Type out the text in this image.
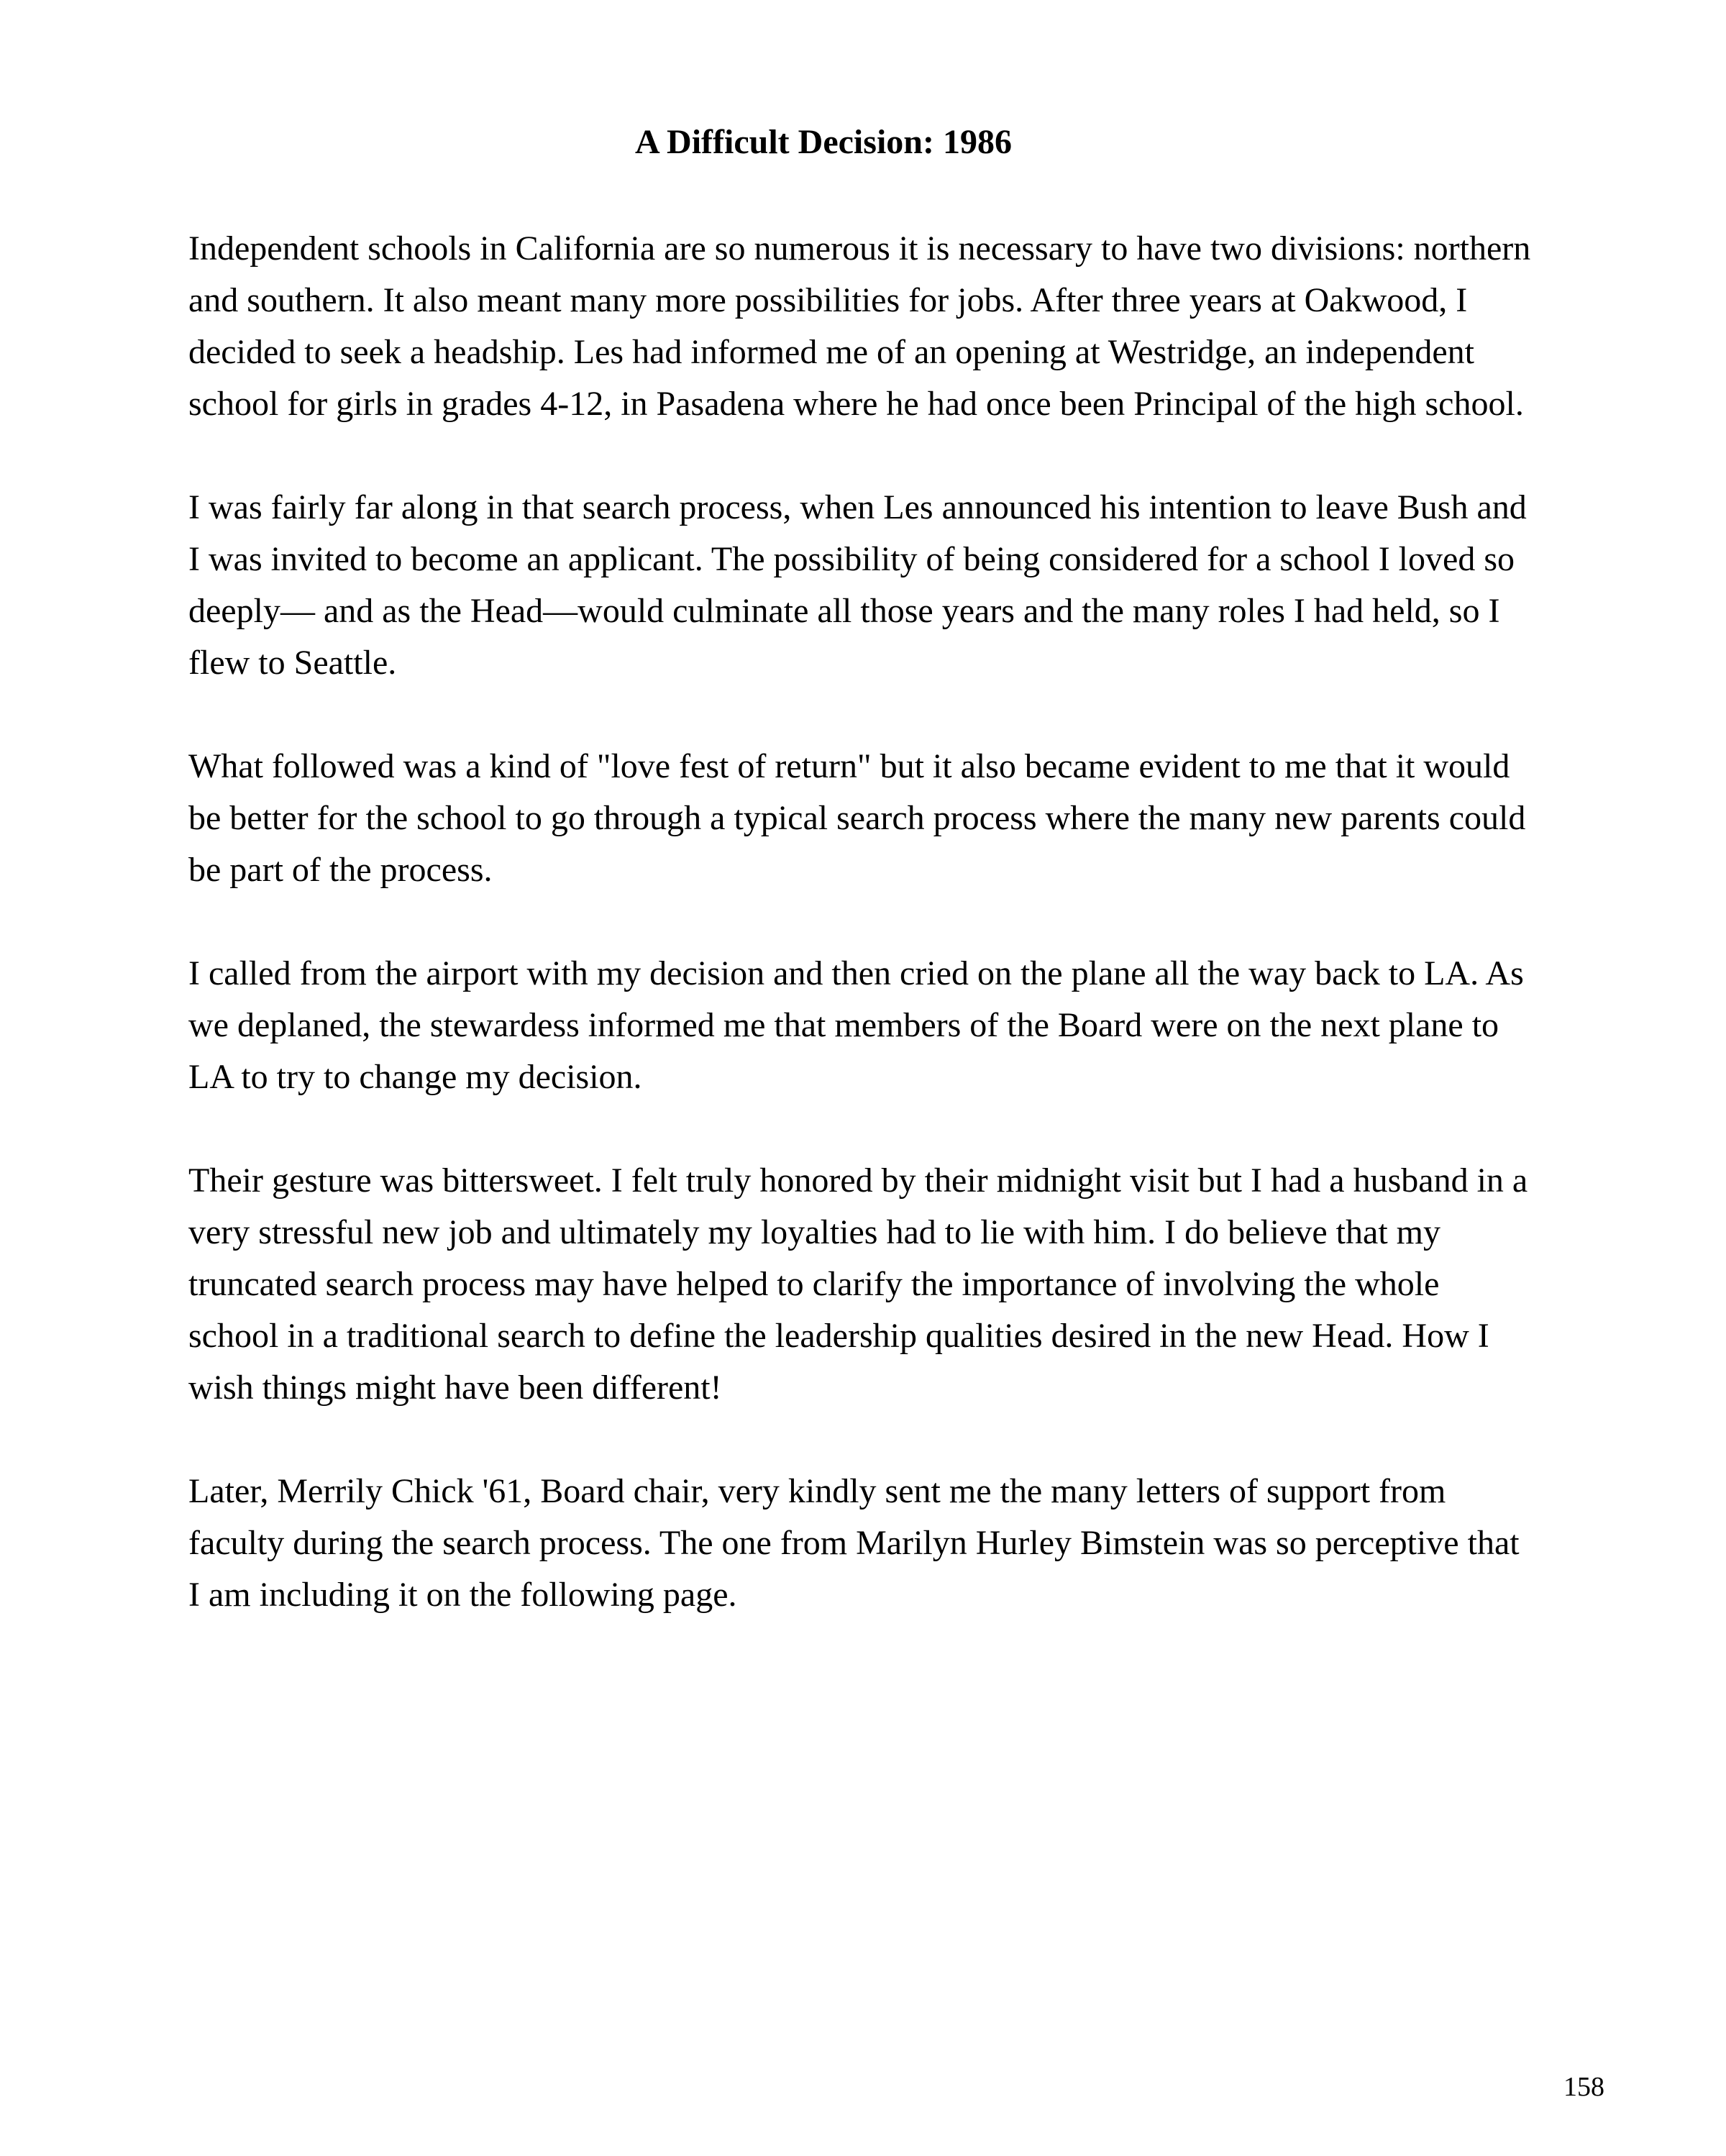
A Difficult Decision: 1986

Independent schools in California are so numerous it is necessary to have two divisions: northern
and southern. It also meant many more possibilities for jobs. After three years at Oakwood, I
decided to seek a headship. Les had informed me of an opening at Westridge, an independent
school for girls in grades 4-12, in Pasadena where he had once been Principal of the high school.

I was fairly far along in that search process, when Les announced his intention to leave Bush and
I was invited to become an applicant. The possibility of being considered for a school I loved so
deeply— and as the Head—would culminate all those years and the many roles I had held, so I
flew to Seattle.

What followed was a kind of "love fest of return" but it also became evident to me that it would
be better for the school to go through a typical search process where the many new parents could
be part of the process.

I called from the airport with my decision and then cried on the plane all the way back to LA. As
we deplaned, the stewardess informed me that members of the Board were on the next plane to
LA to try to change my decision.

Their gesture was bittersweet. I felt truly honored by their midnight visit but I had a husband in a
very stressful new job and ultimately my loyalties had to lie with him. I do believe that my
truncated search process may have helped to clarify the importance of involving the whole
school in a traditional search to define the leadership qualities desired in the new Head. How I
wish things might have been different!

Later, Merrily Chick '61, Board chair, very kindly sent me the many letters of support from
faculty during the search process. The one from Marilyn Hurley Bimstein was so perceptive that
I am including it on the following page.

158
